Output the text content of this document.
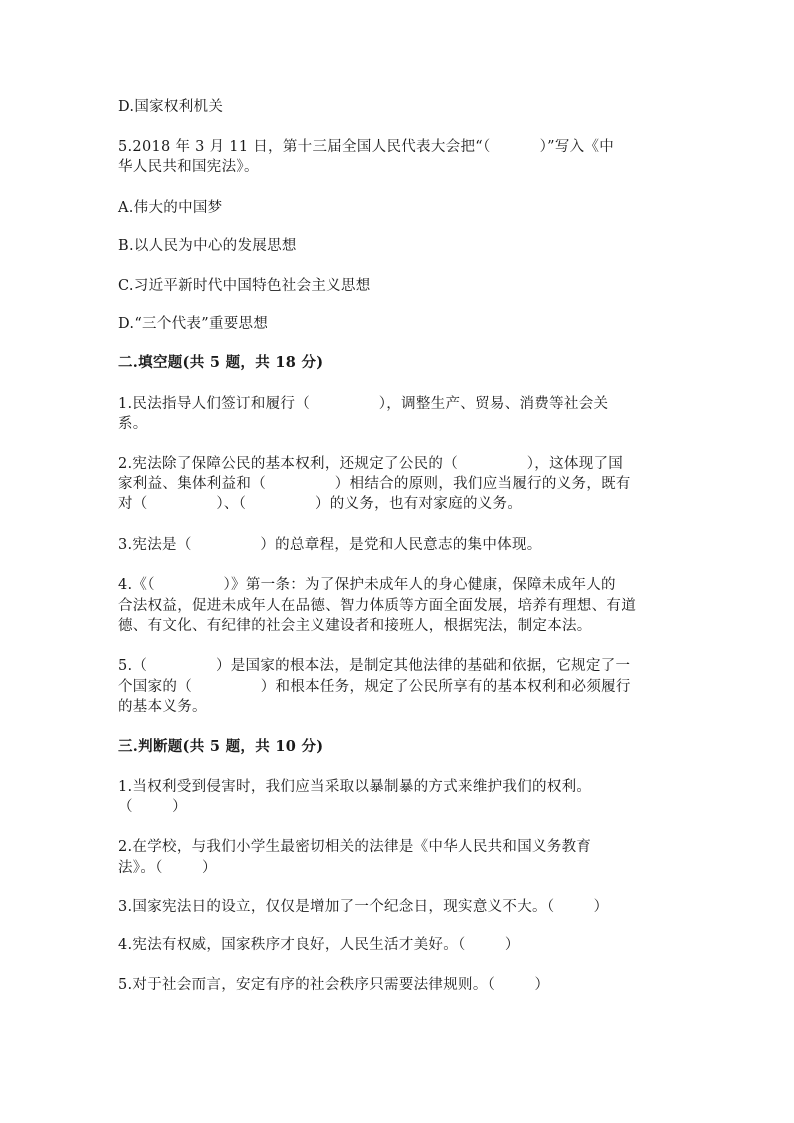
D.国家权利机关

5.2018 年 3 月 11 日，第十三届全国人民代表大会把“（          ）”写入《中

华人民共和国宪法》。

A.伟大的中国梦

B.以人民为中心的发展思想

C.习近平新时代中国特色社会主义思想

D.“三个代表”重要思想

二.填空题(共 5 题，共 18 分)

1.民法指导人们签订和履行（              ），调整生产、贸易、消费等社会关

系。

2.宪法除了保障公民的基本权利，还规定了公民的（              ），这体现了国

家利益、集体利益和（              ）相结合的原则，我们应当履行的义务，既有

对（              ）、（              ）的义务，也有对家庭的义务。

3.宪法是（              ）的总章程，是党和人民意志的集中体现。

4.《（              ）》第一条：为了保护未成年人的身心健康，保障未成年人的

合法权益，促进未成年人在品德、智力体质等方面全面发展，培养有理想、有道

德、有文化、有纪律的社会主义建设者和接班人，根据宪法，制定本法。

5.（              ）是国家的根本法，是制定其他法律的基础和依据，它规定了一

个国家的（              ）和根本任务，规定了公民所享有的基本权利和必须履行

的基本义务。

三.判断题(共 5 题，共 10 分)

1.当权利受到侵害时，我们应当采取以暴制暴的方式来维护我们的权利。

（        ）

2.在学校，与我们小学生最密切相关的法律是《中华人民共和国义务教育

法》。（        ）

3.国家宪法日的设立，仅仅是增加了一个纪念日，现实意义不大。（        ）

4.宪法有权威，国家秩序才良好，人民生活才美好。（        ）

5.对于社会而言，安定有序的社会秩序只需要法律规则。（        ）
